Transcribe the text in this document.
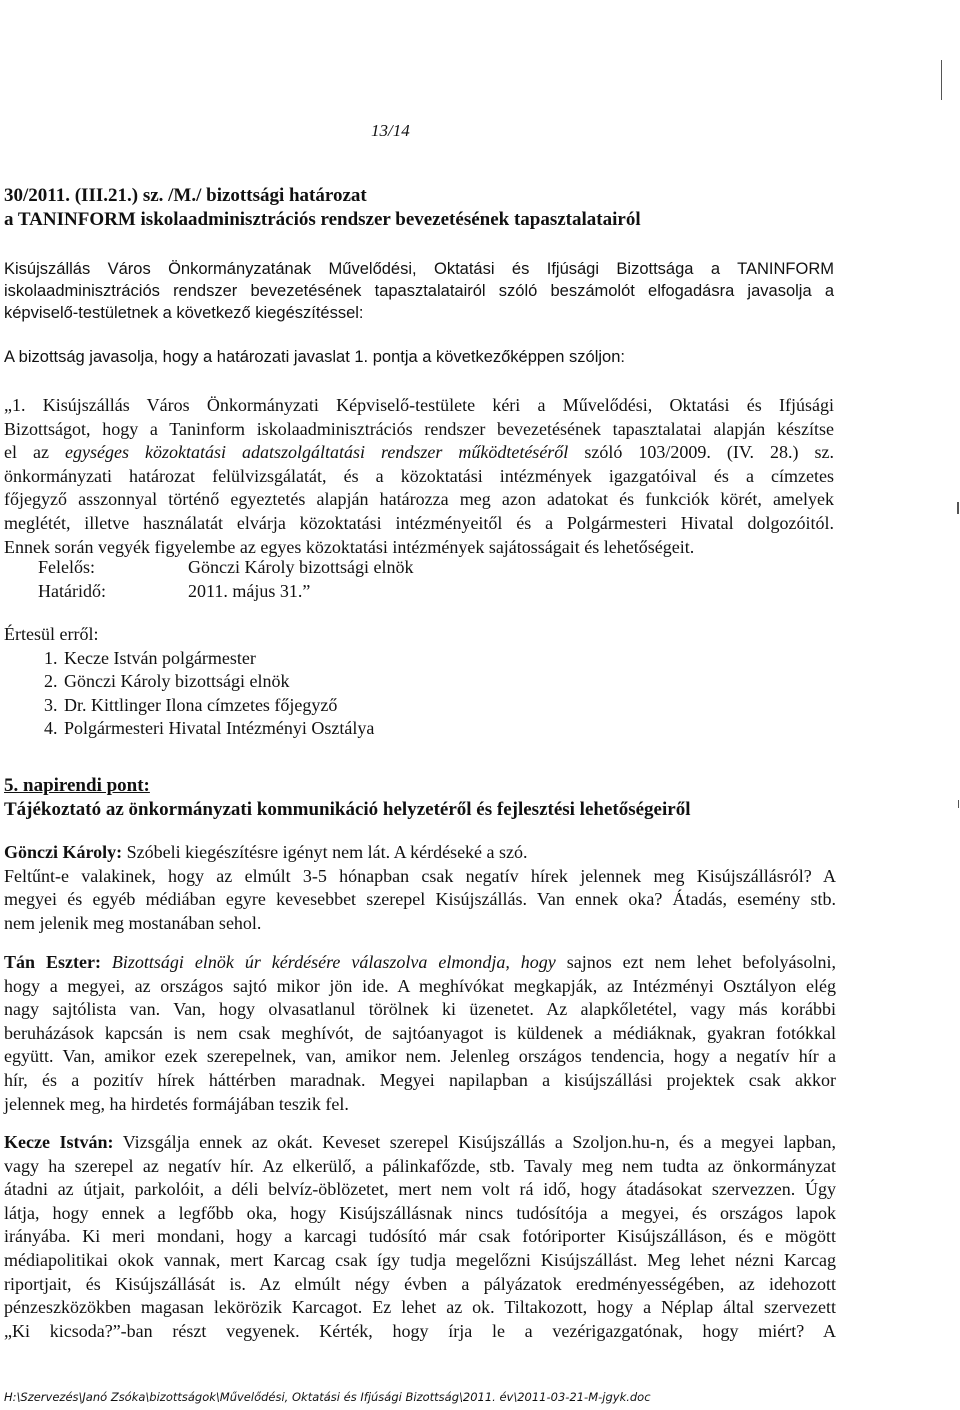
13/14
30/2011. (III.21.) sz. /M./ bizottsági határozat
a TANINFORM iskolaadminisztrációs rendszer bevezetésének tapasztalatairól
Kisújszállás Város Önkormányzatának Művelődési, Oktatási és Ifjúsági Bizottsága a TANINFORM
iskolaadminisztrációs rendszer bevezetésének tapasztalatairól szóló beszámolót elfogadásra javasolja a
képviselő-testületnek a következő kiegészítéssel:
A bizottság javasolja, hogy a határozati javaslat 1. pontja a következőképpen szóljon:
„1. Kisújszállás Város Önkormányzati Képviselő-testülete kéri a Művelődési, Oktatási és Ifjúsági
Bizottságot, hogy a Taninform iskolaadminisztrációs rendszer bevezetésének tapasztalatai alapján készítse
el az egységes közoktatási adatszolgáltatási rendszer működtetéséről szóló 103/2009. (IV. 28.) sz.
önkormányzati határozat felülvizsgálatát, és a közoktatási intézmények igazgatóival és a címzetes
főjegyző asszonnyal történő egyeztetés alapján határozza meg azon adatokat és funkciók körét, amelyek
meglétét, illetve használatát elvárja közoktatási intézményeitől és a Polgármesteri Hivatal dolgozóitól.
Ennek során vegyék figyelembe az egyes közoktatási intézmények sajátosságait és lehetőségeit.
Felelős:	Gönczi Károly bizottsági elnök
Határidő:	2011. május 31.”
Értesül erről:
1. Kecze István polgármester
2. Gönczi Károly bizottsági elnök
3. Dr. Kittlinger Ilona címzetes főjegyző
4. Polgármesteri Hivatal Intézményi Osztálya
5. napirendi pont:
Tájékoztató az önkormányzati kommunikáció helyzetéről és fejlesztési lehetőségeiről
Gönczi Károly: Szóbeli kiegészítésre igényt nem lát. A kérdéseké a szó.
Feltűnt-e valakinek, hogy az elmúlt 3-5 hónapban csak negatív hírek jelennek meg Kisújszállásról? A
megyei és egyéb médiában egyre kevesebbet szerepel Kisújszállás. Van ennek oka? Átadás, esemény stb.
nem jelenik meg mostanában sehol.
Tán Eszter: Bizottsági elnök úr kérdésére válaszolva elmondja, hogy sajnos ezt nem lehet befolyásolni,
hogy a megyei, az országos sajtó mikor jön ide. A meghívókat megkapják, az Intézményi Osztályon elég
nagy sajtólista van. Van, hogy olvasatlanul törölnek ki üzenetet. Az alapkőletétel, vagy más korábbi
beruházások kapcsán is nem csak meghívót, de sajtóanyagot is küldenek a médiáknak, gyakran fotókkal
együtt. Van, amikor ezek szerepelnek, van, amikor nem. Jelenleg országos tendencia, hogy a negatív hír a
hír, és a pozitív hírek háttérben maradnak. Megyei napilapban a kisújszállási projektek csak akkor
jelennek meg, ha hirdetés formájában teszik fel.
Kecze István: Vizsgálja ennek az okát. Keveset szerepel Kisújszállás a Szoljon.hu-n, és a megyei lapban,
vagy ha szerepel az negatív hír. Az elkerülő, a pálinkafőzde, stb. Tavaly meg nem tudta az önkormányzat
átadni az útjait, parkolóit, a déli belvíz-öblözetet, mert nem volt rá idő, hogy átadásokat szervezzen. Úgy
látja, hogy ennek a legfőbb oka, hogy Kisújszállásnak nincs tudósítója a megyei, és országos lapok
irányába. Ki meri mondani, hogy a karcagi tudósító már csak fotóriporter Kisújszálláson, és e mögött
médiapolitikai okok vannak, mert Karcag csak így tudja megelőzni Kisújszállást. Meg lehet nézni Karcag
riportjait, és Kisújszállását is. Az elmúlt négy évben a pályázatok eredményességében, az idehozott
pénzeszközökben magasan lekörözik Karcagot. Ez lehet az ok. Tiltakozott, hogy a Néplap által szervezett
„Ki kicsoda?”-ban részt vegyenek. Kérték, hogy írja le a vezérigazgatónak, hogy miért? A
H:\Szervezés\Janó Zsóka\bizottságok\Művelődési, Oktatási és Ifjúsági Bizottság\2011. év\2011-03-21-M-jgyk.doc
